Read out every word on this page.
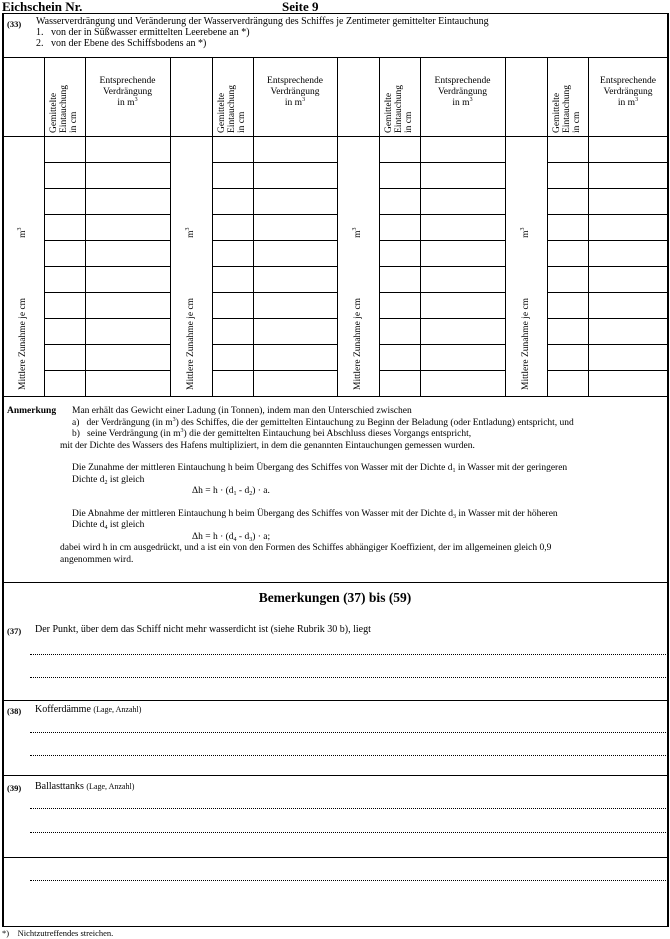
Eichschein Nr.	Seite 9
(33) Wasserverdrängung und Veränderung der Wasserverdrängung des Schiffes je Zentimeter gemittelter Eintauchung
1. von der in Süßwasser ermittelten Leerebene an *)
2. von der Ebene des Schiffsbodens an *)
Gemittelte Eintauchung in cm
Entsprechende
Verdrängung
in $m^3$
Mittlere Zunahme je cmm$^3$
Gemittelte Eintauchung in cm
Entsprechende
Verdrängung
in $m^3$
Mittlere Zunahme je cmm$^3$
Gemittelte Eintauchung in cm
Entsprechende
Verdrängung
in $m^3$
Mittlere Zunahme je cmm$^3$
Gemittelte Eintauchung in cm
Entsprechende
Verdrängung
in $m^3$
Mittlere Zunahme je cmm$^3$
Anmerkung Man erhält das Gewicht einer Ladung (in Tonnen), indem man den Unterschied zwischen
a) der Verdrängung (in $m^3$) des Schiffes, die der gemittelten Eintauchung zu Beginn der Beladung (oder Entladung) entspricht, und
b) seine Verdrängung (in $m^3$) die der gemittelten Eintauchung bei Abschluss dieses Vorgangs entspricht,
mit der Dichte des Wassers des Hafens multipliziert, in dem die genannten Eintauchungen gemessen wurden.
Die Zunahme der mittleren Eintauchung h beim Übergang des Schiffes von Wasser mit der Dichte $d_1$ in Wasser mit der geringeren
Dichte $d_2$ ist gleich
$\Delta h = h \cdot (d_1 - d_2) \cdot a$.
Die Abnahme der mittleren Eintauchung h beim Übergang des Schiffes von Wasser mit der Dichte $d_3$ in Wasser mit der höheren
Dichte $d_4$ ist gleich
$\Delta h = h \cdot (d_4 - d_3) \cdot a$;
dabei wird h in cm ausgedrückt, und a ist ein von den Formen des Schiffes abhängiger Koeffizient, der im allgemeinen gleich 0,9
angenommen wird.
Bemerkungen (37) bis (59)
(37) Der Punkt, über dem das Schiff nicht mehr wasserdicht ist (siehe Rubrik 30 b), liegt
(38) Kofferdämme (Lage, Anzahl)
(39) Ballasttanks (Lage, Anzahl)
*) Nichtzutreffendes streichen.
